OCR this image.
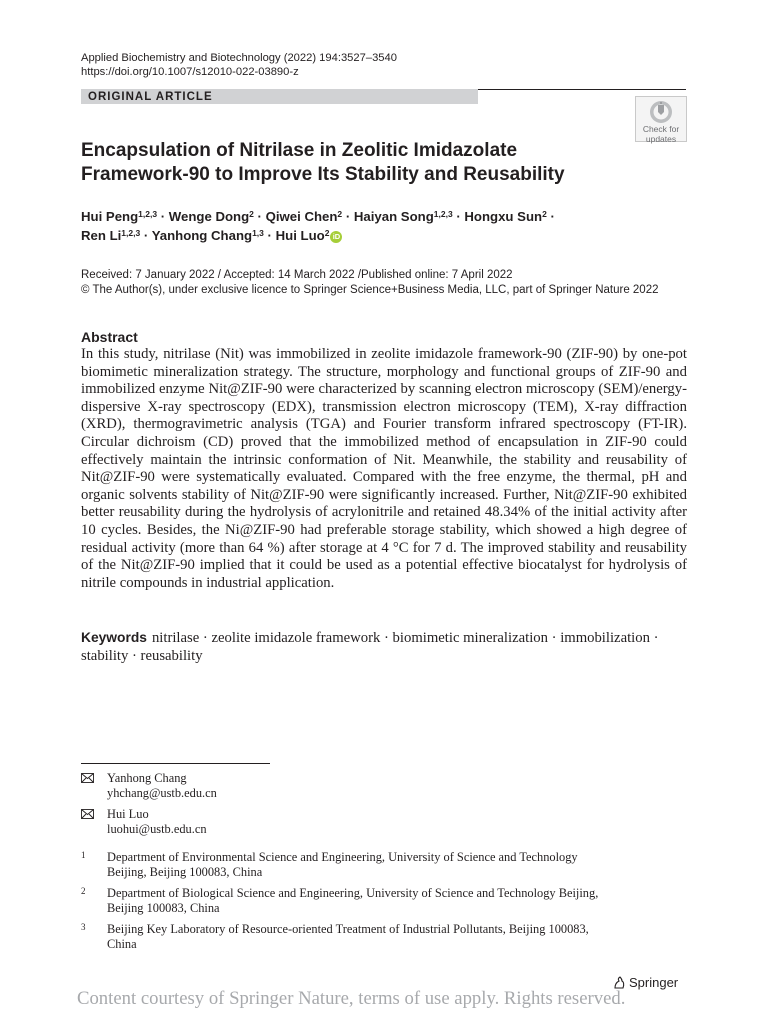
Applied Biochemistry and Biotechnology (2022) 194:3527–3540
https://doi.org/10.1007/s12010-022-03890-z
ORIGINAL ARTICLE
Check for
updates
Encapsulation of Nitrilase in Zeolitic Imidazolate
Framework-90 to Improve Its Stability and Reusability
Hui Peng$^{1,2,3}$ · Wenge Dong$^2$ · Qiwei Chen$^2$ · Haiyan Song$^{1,2,3}$ · Hongxu Sun$^2$ ·
Ren Li$^{1,2,3}$ · Yanhong Chang$^{1,3}$ · Hui Luo$^2$ iD
Received: 7 January 2022 / Accepted: 14 March 2022 /Published online: 7 April 2022
© The Author(s), under exclusive licence to Springer Science+Business Media, LLC, part of Springer Nature 2022
Abstract
In this study, nitrilase (Nit) was immobilized in zeolite imidazole framework-90 (ZIF-90) by one-pot biomimetic mineralization strategy. The structure, morphology and functional groups of ZIF-90 and immobilized enzyme Nit@ZIF-90 were characterized by scanning electron microscopy (SEM)/energy-dispersive X-ray spectroscopy (EDX), transmission electron microscopy (TEM), X-ray diffraction (XRD), thermogravimetric analysis (TGA) and Fourier transform infrared spectroscopy (FT-IR). Circular dichroism (CD) proved that the immobilized method of encapsulation in ZIF-90 could effectively maintain the intrinsic conformation of Nit. Meanwhile, the stability and reusability of Nit@ZIF-90 were systematically evaluated. Compared with the free enzyme, the thermal, pH and organic solvents stability of Nit@ZIF-90 were significantly increased. Further, Nit@ZIF-90 exhibited better reusability during the hydrolysis of acrylonitrile and retained 48.34% of the initial activity after 10 cycles. Besides, the Ni@ZIF-90 had preferable storage stability, which showed a high degree of residual activity (more than 64 %) after storage at 4 °C for 7 d. The improved stability and reusability of the Nit@ZIF-90 implied that it could be used as a potential effective biocatalyst for hydrolysis of nitrile compounds in industrial application.
Keywords nitrilase · zeolite imidazole framework · biomimetic mineralization · immobilization · stability · reusability
Yanhong Chang
yhchang@ustb.edu.cn
Hui Luo
luohui@ustb.edu.cn
1 Department of Environmental Science and Engineering, University of Science and Technology
Beijing, Beijing 100083, China
2 Department of Biological Science and Engineering, University of Science and Technology Beijing,
Beijing 100083, China
3 Beijing Key Laboratory of Resource-oriented Treatment of Industrial Pollutants, Beijing 100083,
China
Springer
Content courtesy of Springer Nature, terms of use apply. Rights reserved.
